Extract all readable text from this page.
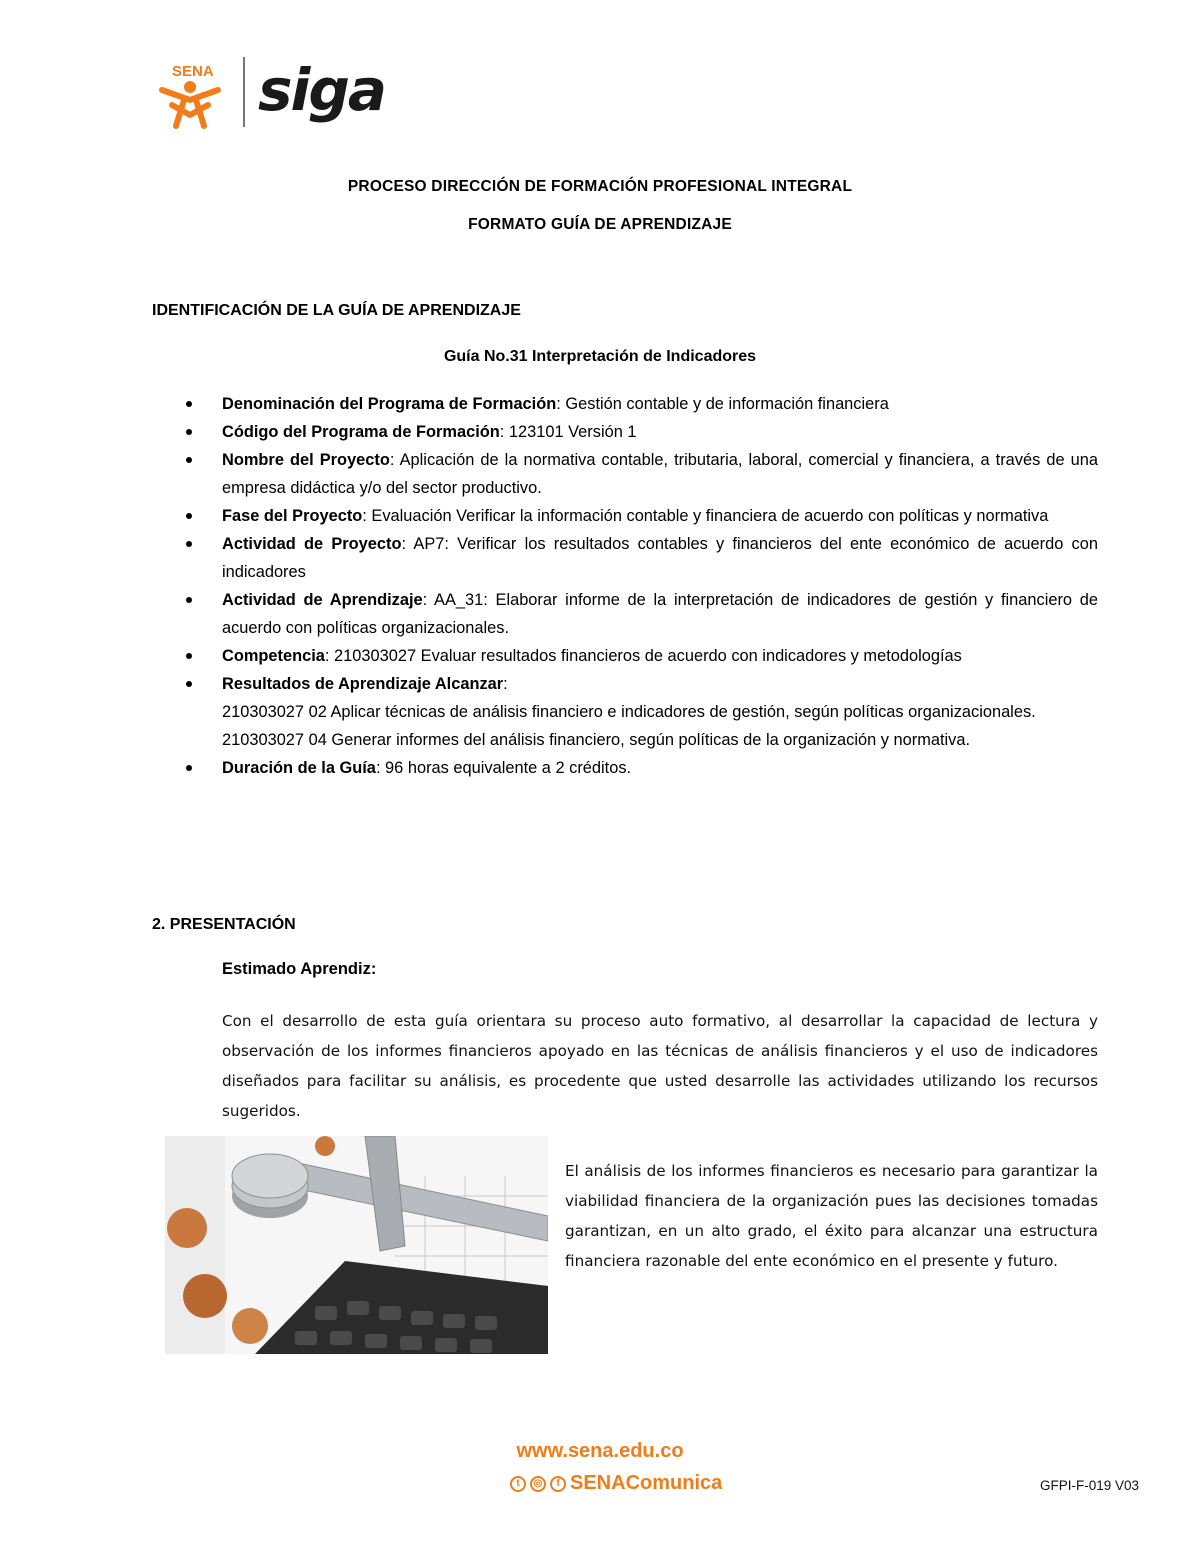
SENA siga
PROCESO DIRECCIÓN DE FORMACIÓN PROFESIONAL INTEGRAL
FORMATO GUÍA DE APRENDIZAJE
IDENTIFICACIÓN DE LA GUÍA DE APRENDIZAJE
Guía No.31 Interpretación de Indicadores
Denominación del Programa de Formación: Gestión contable y de información financiera
Código del Programa de Formación: 123101 Versión 1
Nombre del Proyecto: Aplicación de la normativa contable, tributaria, laboral, comercial y financiera, a través de una empresa didáctica y/o del sector productivo.
Fase del Proyecto: Evaluación Verificar la información contable y financiera de acuerdo con políticas y normativa
Actividad de Proyecto: AP7: Verificar los resultados contables y financieros del ente económico de acuerdo con indicadores
Actividad de Aprendizaje: AA_31: Elaborar informe de la interpretación de indicadores de gestión y financiero de acuerdo con políticas organizacionales.
Competencia: 210303027 Evaluar resultados financieros de acuerdo con indicadores y metodologías
Resultados de Aprendizaje Alcanzar:
210303027 02 Aplicar técnicas de análisis financiero e indicadores de gestión, según políticas organizacionales.
210303027 04 Generar informes del análisis financiero, según políticas de la organización y normativa.
Duración de la Guía: 96 horas equivalente a 2 créditos.
2. PRESENTACIÓN
Estimado Aprendiz:
Con el desarrollo de esta guía orientara su proceso auto formativo, al desarrollar la capacidad de lectura y observación de los informes financieros apoyado en las técnicas de análisis financieros y el uso de indicadores diseñados para facilitar su análisis, es procedente que usted desarrolle las actividades utilizando los recursos sugeridos.
El análisis de los informes financieros es necesario para garantizar la viabilidad financiera de la organización pues las decisiones tomadas garantizan, en un alto grado, el éxito para alcanzar una estructura financiera razonable del ente económico en el presente y futuro.
www.sena.edu.co
t	◎	f SENAComunica	GFPI-F-019 V03
